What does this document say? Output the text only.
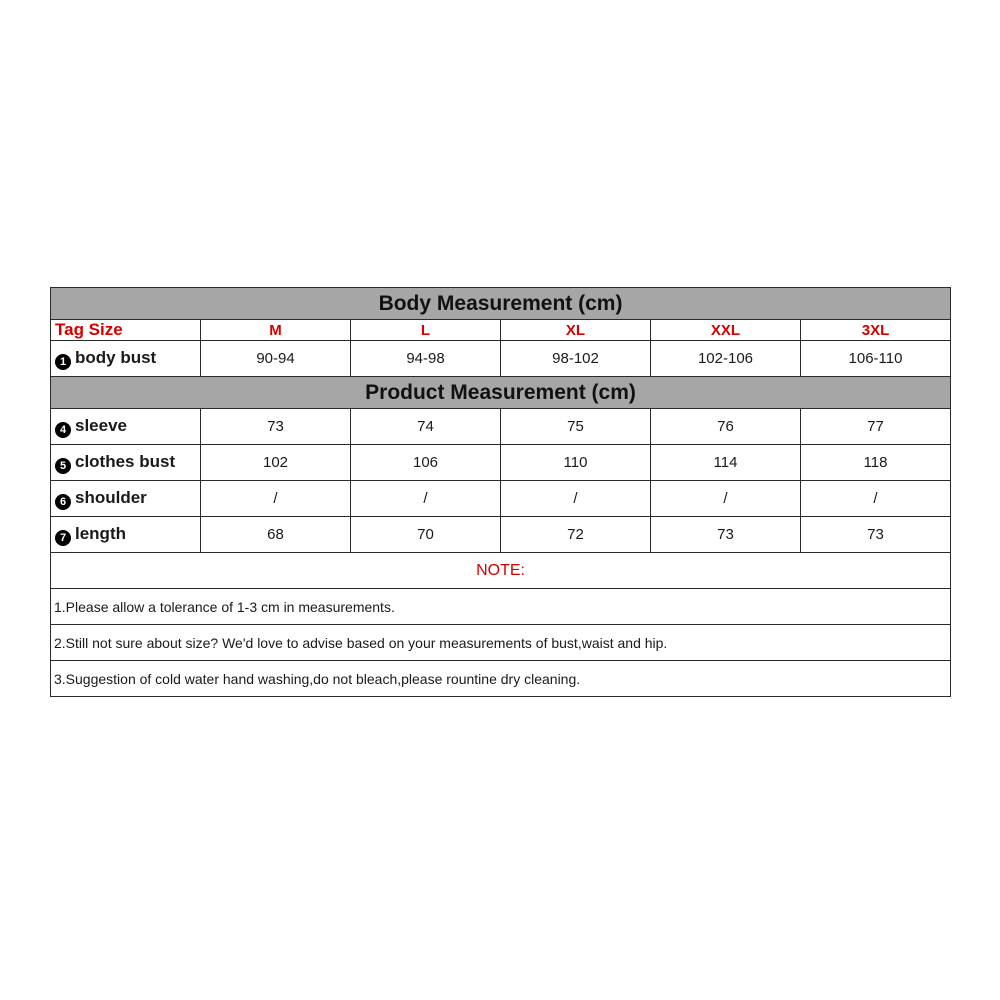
Body Measurement (cm)					
Tag Size	M	L	XL	XXL	3XL
1 body bust	90-94	94-98	98-102	102-106	106-110
Product Measurement (cm)					
4 sleeve	73	74	75	76	77
5 clothes bust	102	106	110	114	118
6 shoulder	/	/	/	/	/
7 length	68	70	72	73	73
NOTE:					
1.Please allow a tolerance of 1-3 cm in measurements.					
2.Still not sure about size? We'd love to advise based on your measurements of bust,waist and hip.					
3.Suggestion of cold water hand washing,do not bleach,please rountine dry cleaning.					
